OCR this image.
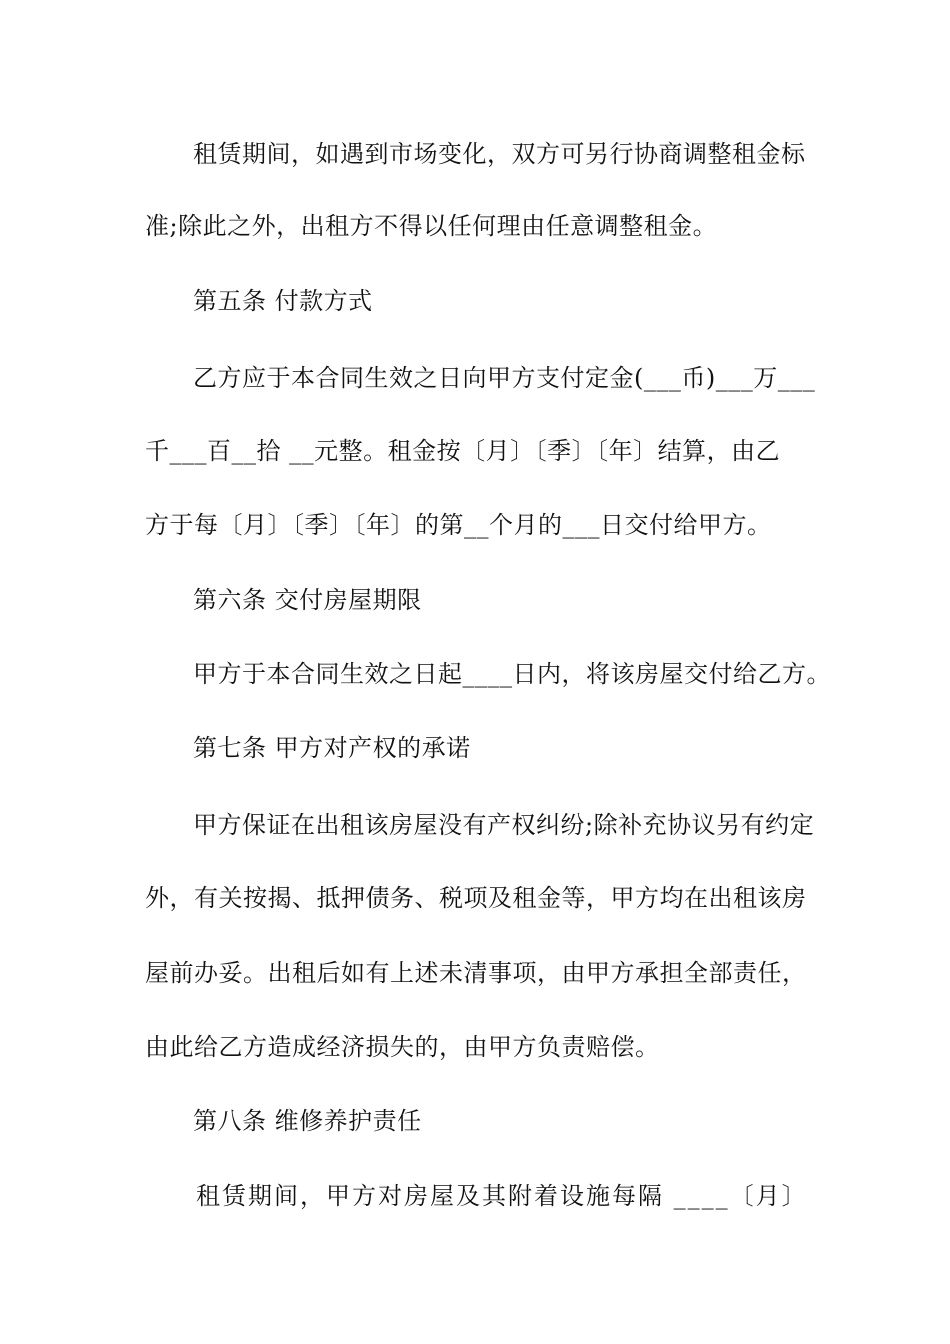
租赁期间，如遇到市场变化，双方可另行协商调整租金标
准;除此之外，出租方不得以任何理由任意调整租金。
第五条 付款方式
乙方应于本合同生效之日向甲方支付定金(___币)___万___
千___百__拾 __元整。租金按〔月〕〔季〕〔年〕结算，由乙
方于每〔月〕〔季〕〔年〕的第__个月的___日交付给甲方。
第六条 交付房屋期限
甲方于本合同生效之日起____日内，将该房屋交付给乙方。
第七条 甲方对产权的承诺
甲方保证在出租该房屋没有产权纠纷;除补充协议另有约定
外，有关按揭、抵押债务、税项及租金等，甲方均在出租该房
屋前办妥。出租后如有上述未清事项，由甲方承担全部责任，
由此给乙方造成经济损失的，由甲方负责赔偿。
第八条 维修养护责任
租赁期间，甲方对房屋及其附着设施每隔 ____〔月〕
